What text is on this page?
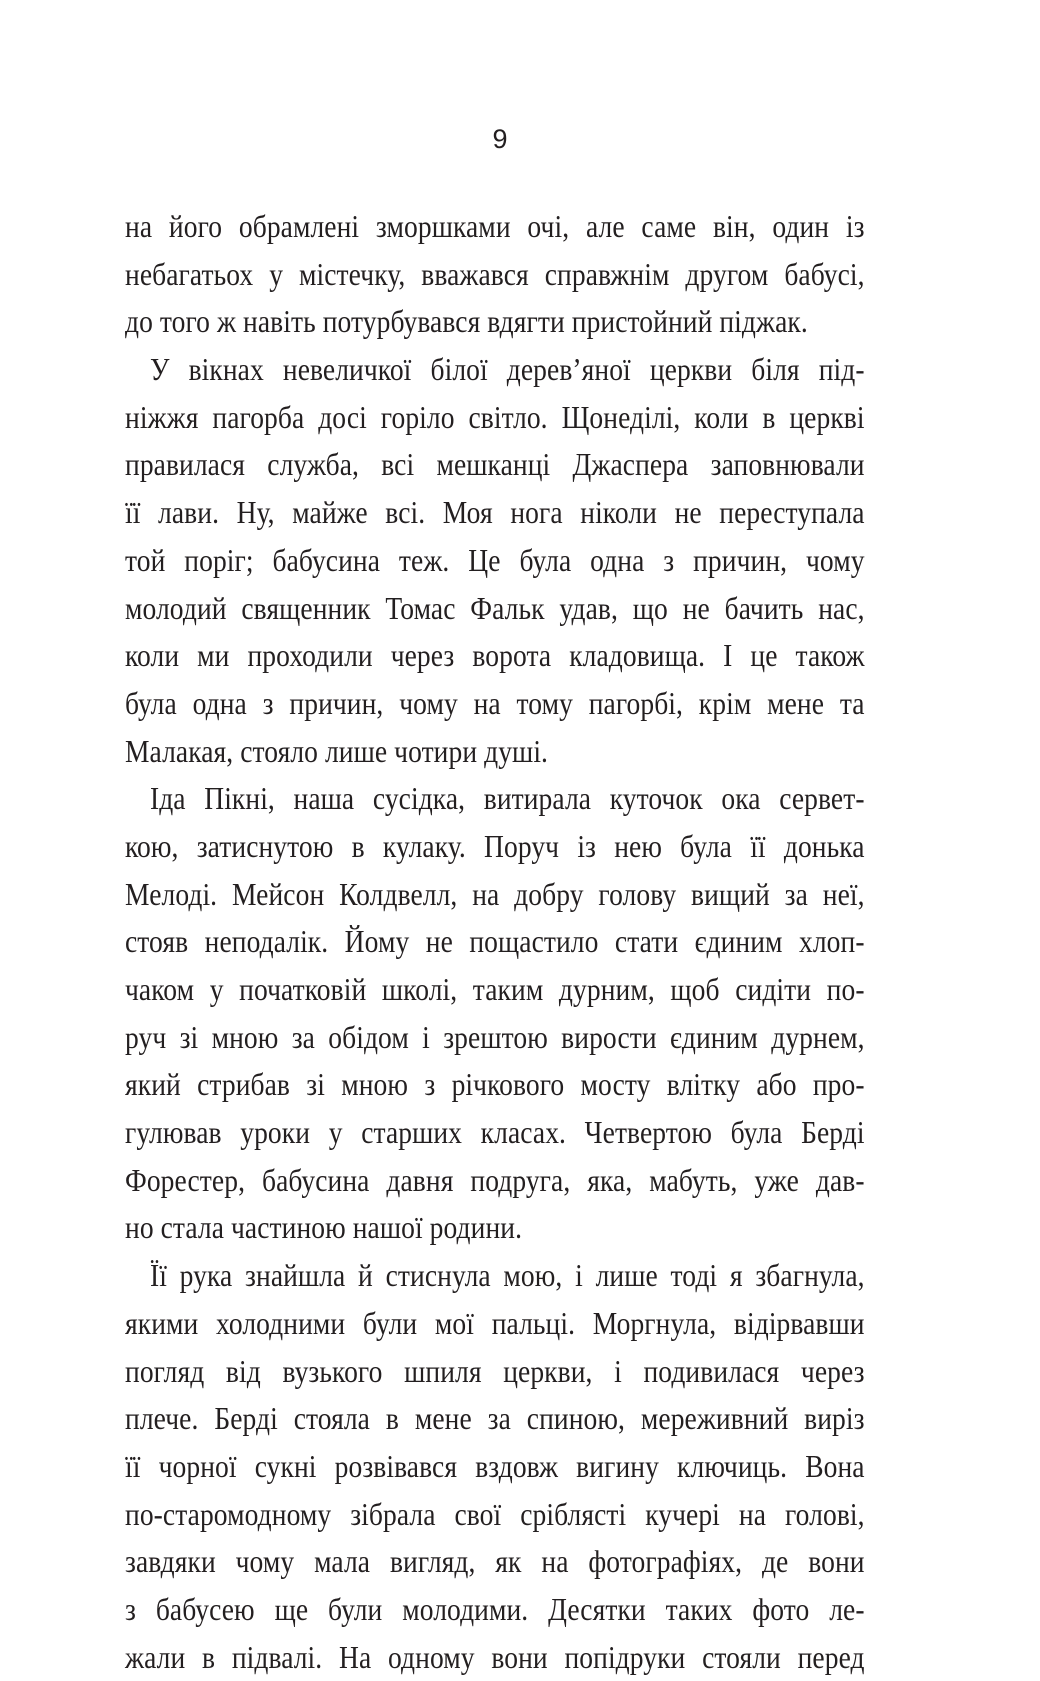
9
на його обрамлені зморшками очі, але саме він, один із
небагатьох у містечку, вважався справжнім другом бабусі,
до того ж навіть потурбувався вдягти пристойний піджак.
У вікнах невеличкої білої дерев’яної церкви біля під-
ніжжя пагорба досі горіло світло. Щонеділі, коли в церкві
правилася служба, всі мешканці Джаспера заповнювали
її лави. Ну, майже всі. Моя нога ніколи не переступала
той поріг; бабусина теж. Це була одна з причин, чому
молодий священник Томас Фальк удав, що не бачить нас,
коли ми проходили через ворота кладовища. І це також
була одна з причин, чому на тому пагорбі, крім мене та
Малакая, стояло лише чотири душі.
Іда Пікні, наша сусідка, витирала куточок ока сервет-
кою, затиснутою в кулаку. Поруч із нею була її донька
Мелоді. Мейсон Колдвелл, на добру голову вищий за неї,
стояв неподалік. Йому не пощастило стати єдиним хлоп-
чаком у початковій школі, таким дурним, щоб сидіти по-
руч зі мною за обідом і зрештою вирости єдиним дурнем,
який стрибав зі мною з річкового мосту влітку або про-
гулював уроки у старших класах. Четвертою була Берді
Форестер, бабусина давня подруга, яка, мабуть, уже дав-
но стала частиною нашої родини.
Її рука знайшла й стиснула мою, і лише тоді я збагнула,
якими холодними були мої пальці. Моргнула, відірвавши
погляд від вузького шпиля церкви, і подивилася через
плече. Берді стояла в мене за спиною, мереживний виріз
її чорної сукні розвівався вздовж вигину ключиць. Вона
по-старомодному зібрала свої сріблясті кучері на голові,
завдяки чому мала вигляд, як на фотографіях, де вони
з бабусею ще були молодими. Десятки таких фото ле-
жали в підвалі. На одному вони попідруки стояли перед
